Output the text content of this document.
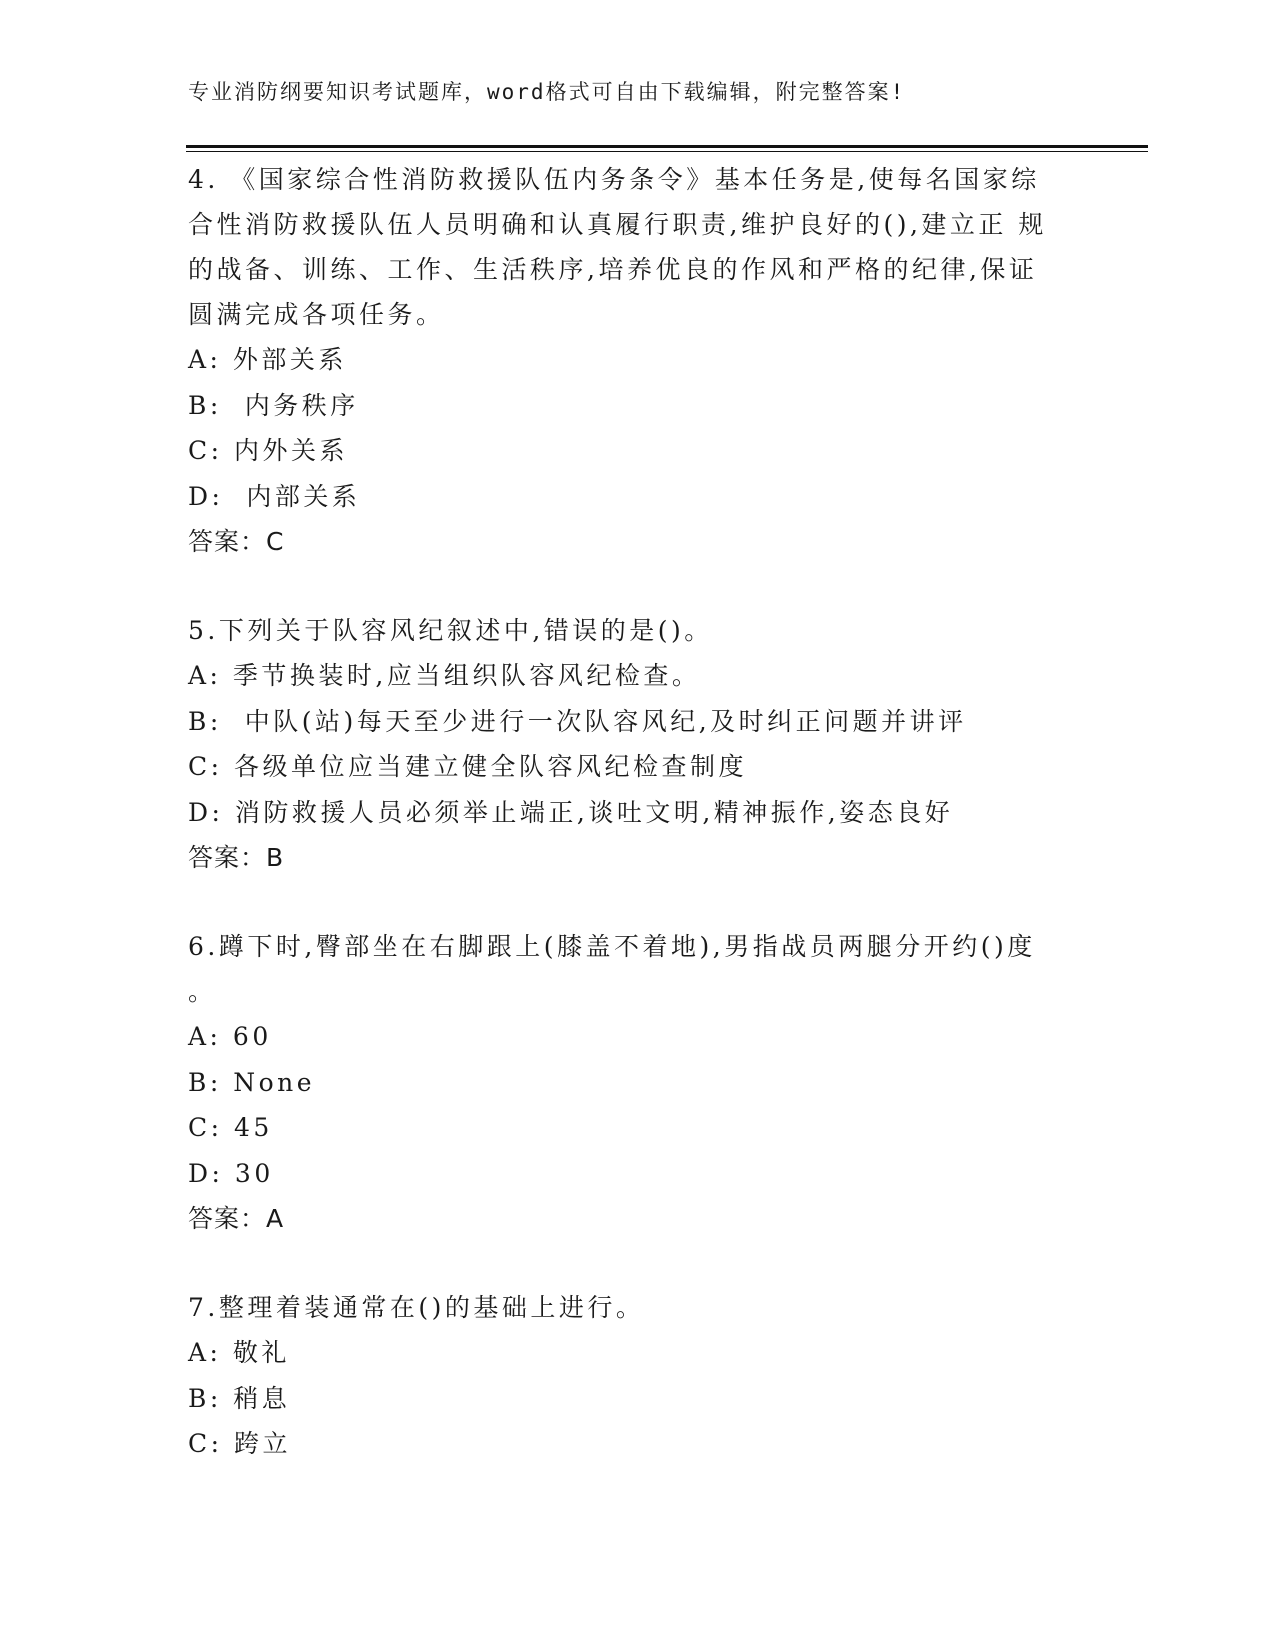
专业消防纲要知识考试题库，word格式可自由下载编辑，附完整答案!
4. 《国家综合性消防救援队伍内务条令》基本任务是,使每名国家综
合性消防救援队伍人员明确和认真履行职责,维护良好的(),建立正 规
的战备、训练、工作、生活秩序,培养优良的作风和严格的纪律,保证
圆满完成各项任务。
A: 外部关系
B:  内务秩序
C: 内外关系
D:  内部关系
答案：C
5.下列关于队容风纪叙述中,错误的是()。
A: 季节换装时,应当组织队容风纪检查。
B:  中队(站)每天至少进行一次队容风纪,及时纠正问题并讲评
C: 各级单位应当建立健全队容风纪检查制度
D: 消防救援人员必须举止端正,谈吐文明,精神振作,姿态良好
答案：B
6.蹲下时,臀部坐在右脚跟上(膝盖不着地),男指战员两腿分开约()度
。
A: 60
B: None
C: 45
D: 30
答案：A
7.整理着装通常在()的基础上进行。
A: 敬礼
B: 稍息
C: 跨立
